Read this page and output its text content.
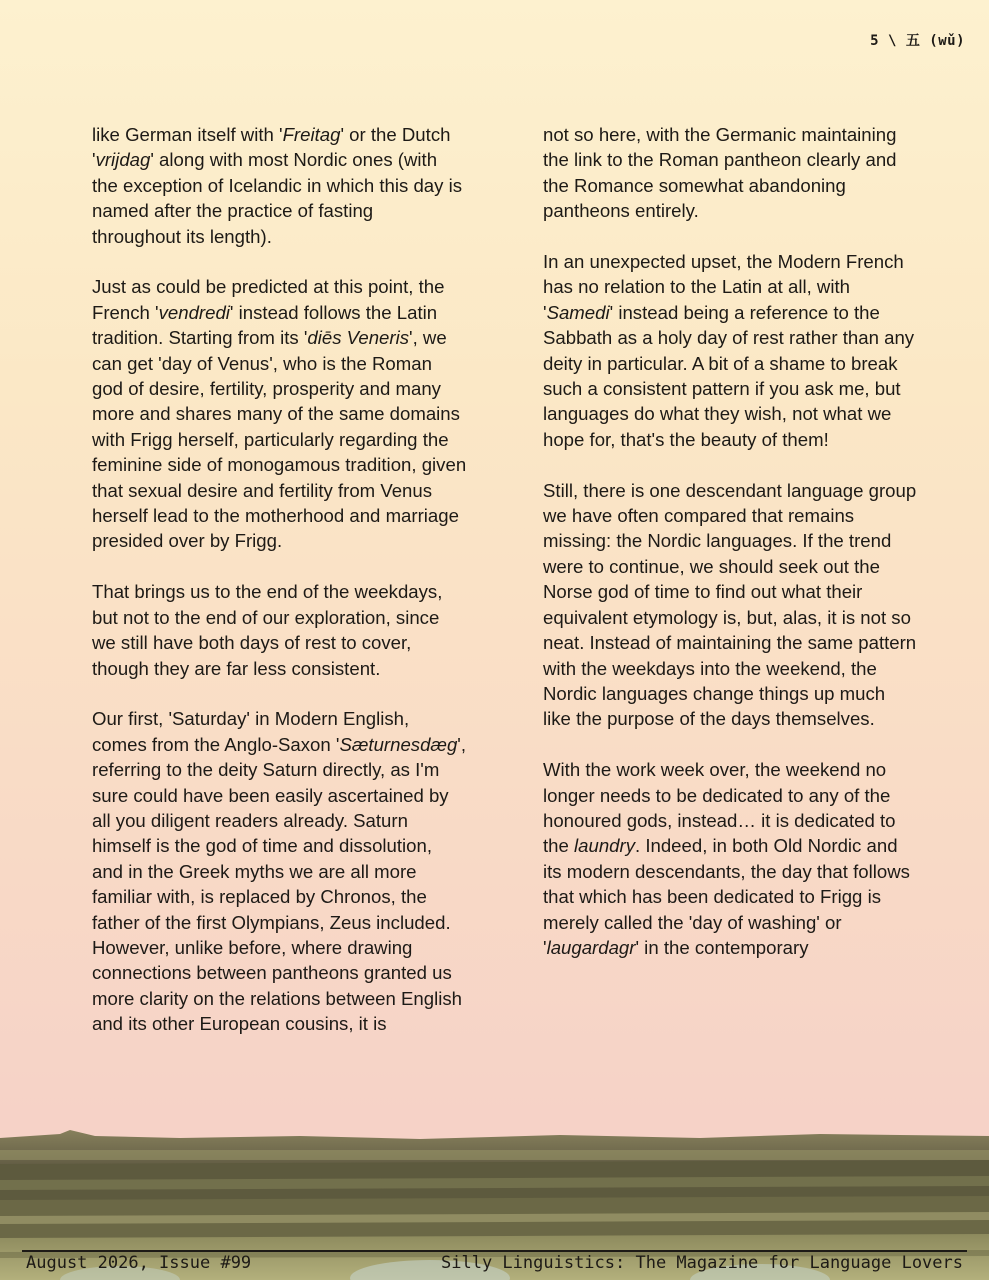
5 \ 五 (wǔ)

like German itself with 'Freitag' or the Dutch 'vrijdag' along with most Nordic ones (with the exception of Icelandic in which this day is named after the practice of fasting throughout its length).

Just as could be predicted at this point, the French 'vendredi' instead follows the Latin tradition. Starting from its 'diēs Veneris', we can get 'day of Venus', who is the Roman god of desire, fertility, prosperity and many more and shares many of the same domains with Frigg herself, particularly regarding the feminine side of monogamous tradition, given that sexual desire and fertility from Venus herself lead to the motherhood and marriage presided over by Frigg.

That brings us to the end of the weekdays, but not to the end of our exploration, since we still have both days of rest to cover, though they are far less consistent.

Our first, 'Saturday' in Modern English, comes from the Anglo-Saxon 'Sæturnesdæg', referring to the deity Saturn directly, as I'm sure could have been easily ascertained by all you diligent readers already. Saturn himself is the god of time and dissolution, and in the Greek myths we are all more familiar with, is replaced by Chronos, the father of the first Olympians, Zeus included. However, unlike before, where drawing connections between pantheons granted us more clarity on the relations between English and its other European cousins, it is

not so here, with the Germanic maintaining the link to the Roman pantheon clearly and the Romance somewhat abandoning pantheons entirely.

In an unexpected upset, the Modern French has no relation to the Latin at all, with 'Samedi' instead being a reference to the Sabbath as a holy day of rest rather than any deity in particular. A bit of a shame to break such a consistent pattern if you ask me, but languages do what they wish, not what we hope for, that's the beauty of them!

Still, there is one descendant language group we have often compared that remains missing: the Nordic languages. If the trend were to continue, we should seek out the Norse god of time to find out what their equivalent etymology is, but, alas, it is not so neat. Instead of maintaining the same pattern with the weekdays into the weekend, the Nordic languages change things up much like the purpose of the days themselves.

With the work week over, the weekend no longer needs to be dedicated to any of the honoured gods, instead… it is dedicated to the laundry. Indeed, in both Old Nordic and its modern descendants, the day that follows that which has been dedicated to Frigg is merely called the 'day of washing' or 'laugardagr' in the contemporary

August 2026, Issue #99	Silly Linguistics: The Magazine for Language Lovers
